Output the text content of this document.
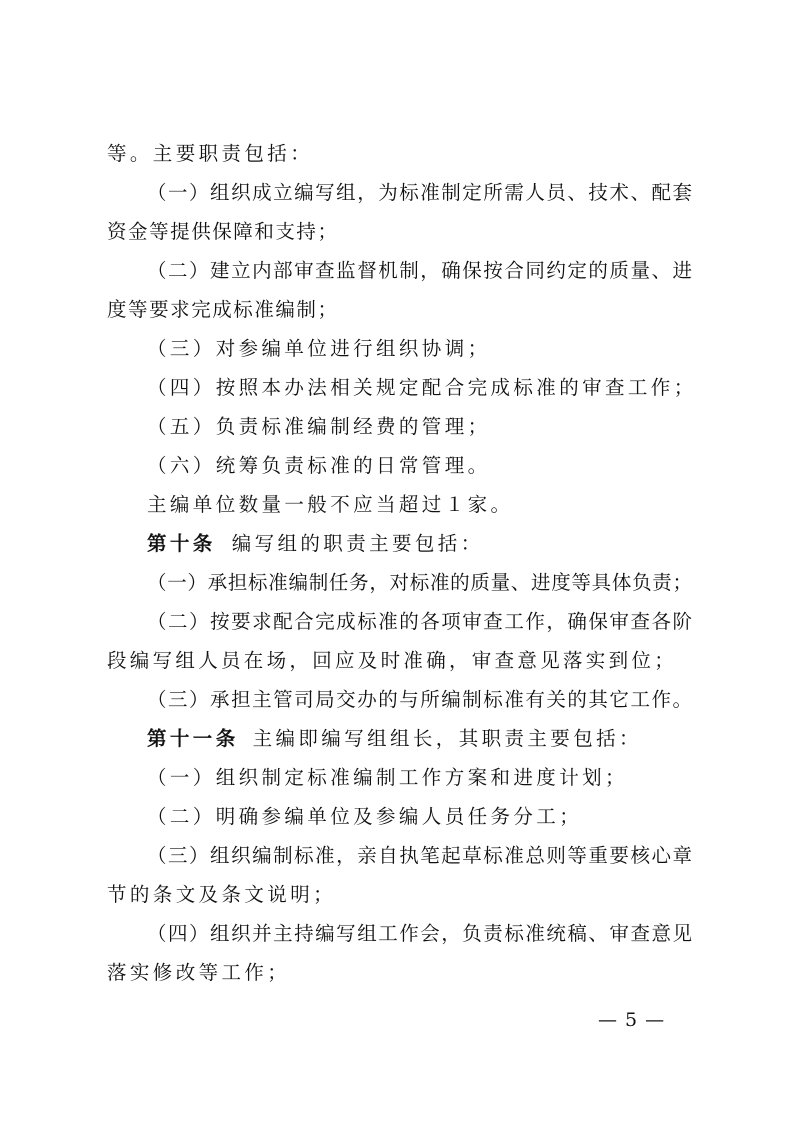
等。主要职责包括：
（一）组织成立编写组，为标准制定所需人员、技术、配套
资金等提供保障和支持；
（二）建立内部审查监督机制，确保按合同约定的质量、进
度等要求完成标准编制；
（三）对参编单位进行组织协调；
（四）按照本办法相关规定配合完成标准的审查工作；
（五）负责标准编制经费的管理；
（六）统筹负责标准的日常管理。
主编单位数量一般不应当超过１家。
第十条 编写组的职责主要包括：
（一）承担标准编制任务，对标准的质量、进度等具体负责；
（二）按要求配合完成标准的各项审查工作，确保审查各阶
段编写组人员在场，回应及时准确，审查意见落实到位；
（三）承担主管司局交办的与所编制标准有关的其它工作。
第十一条 主编即编写组组长，其职责主要包括：
（一）组织制定标准编制工作方案和进度计划；
（二）明确参编单位及参编人员任务分工；
（三）组织编制标准，亲自执笔起草标准总则等重要核心章
节的条文及条文说明；
（四）组织并主持编写组工作会，负责标准统稿、审查意见
落实修改等工作；
— 5 —
